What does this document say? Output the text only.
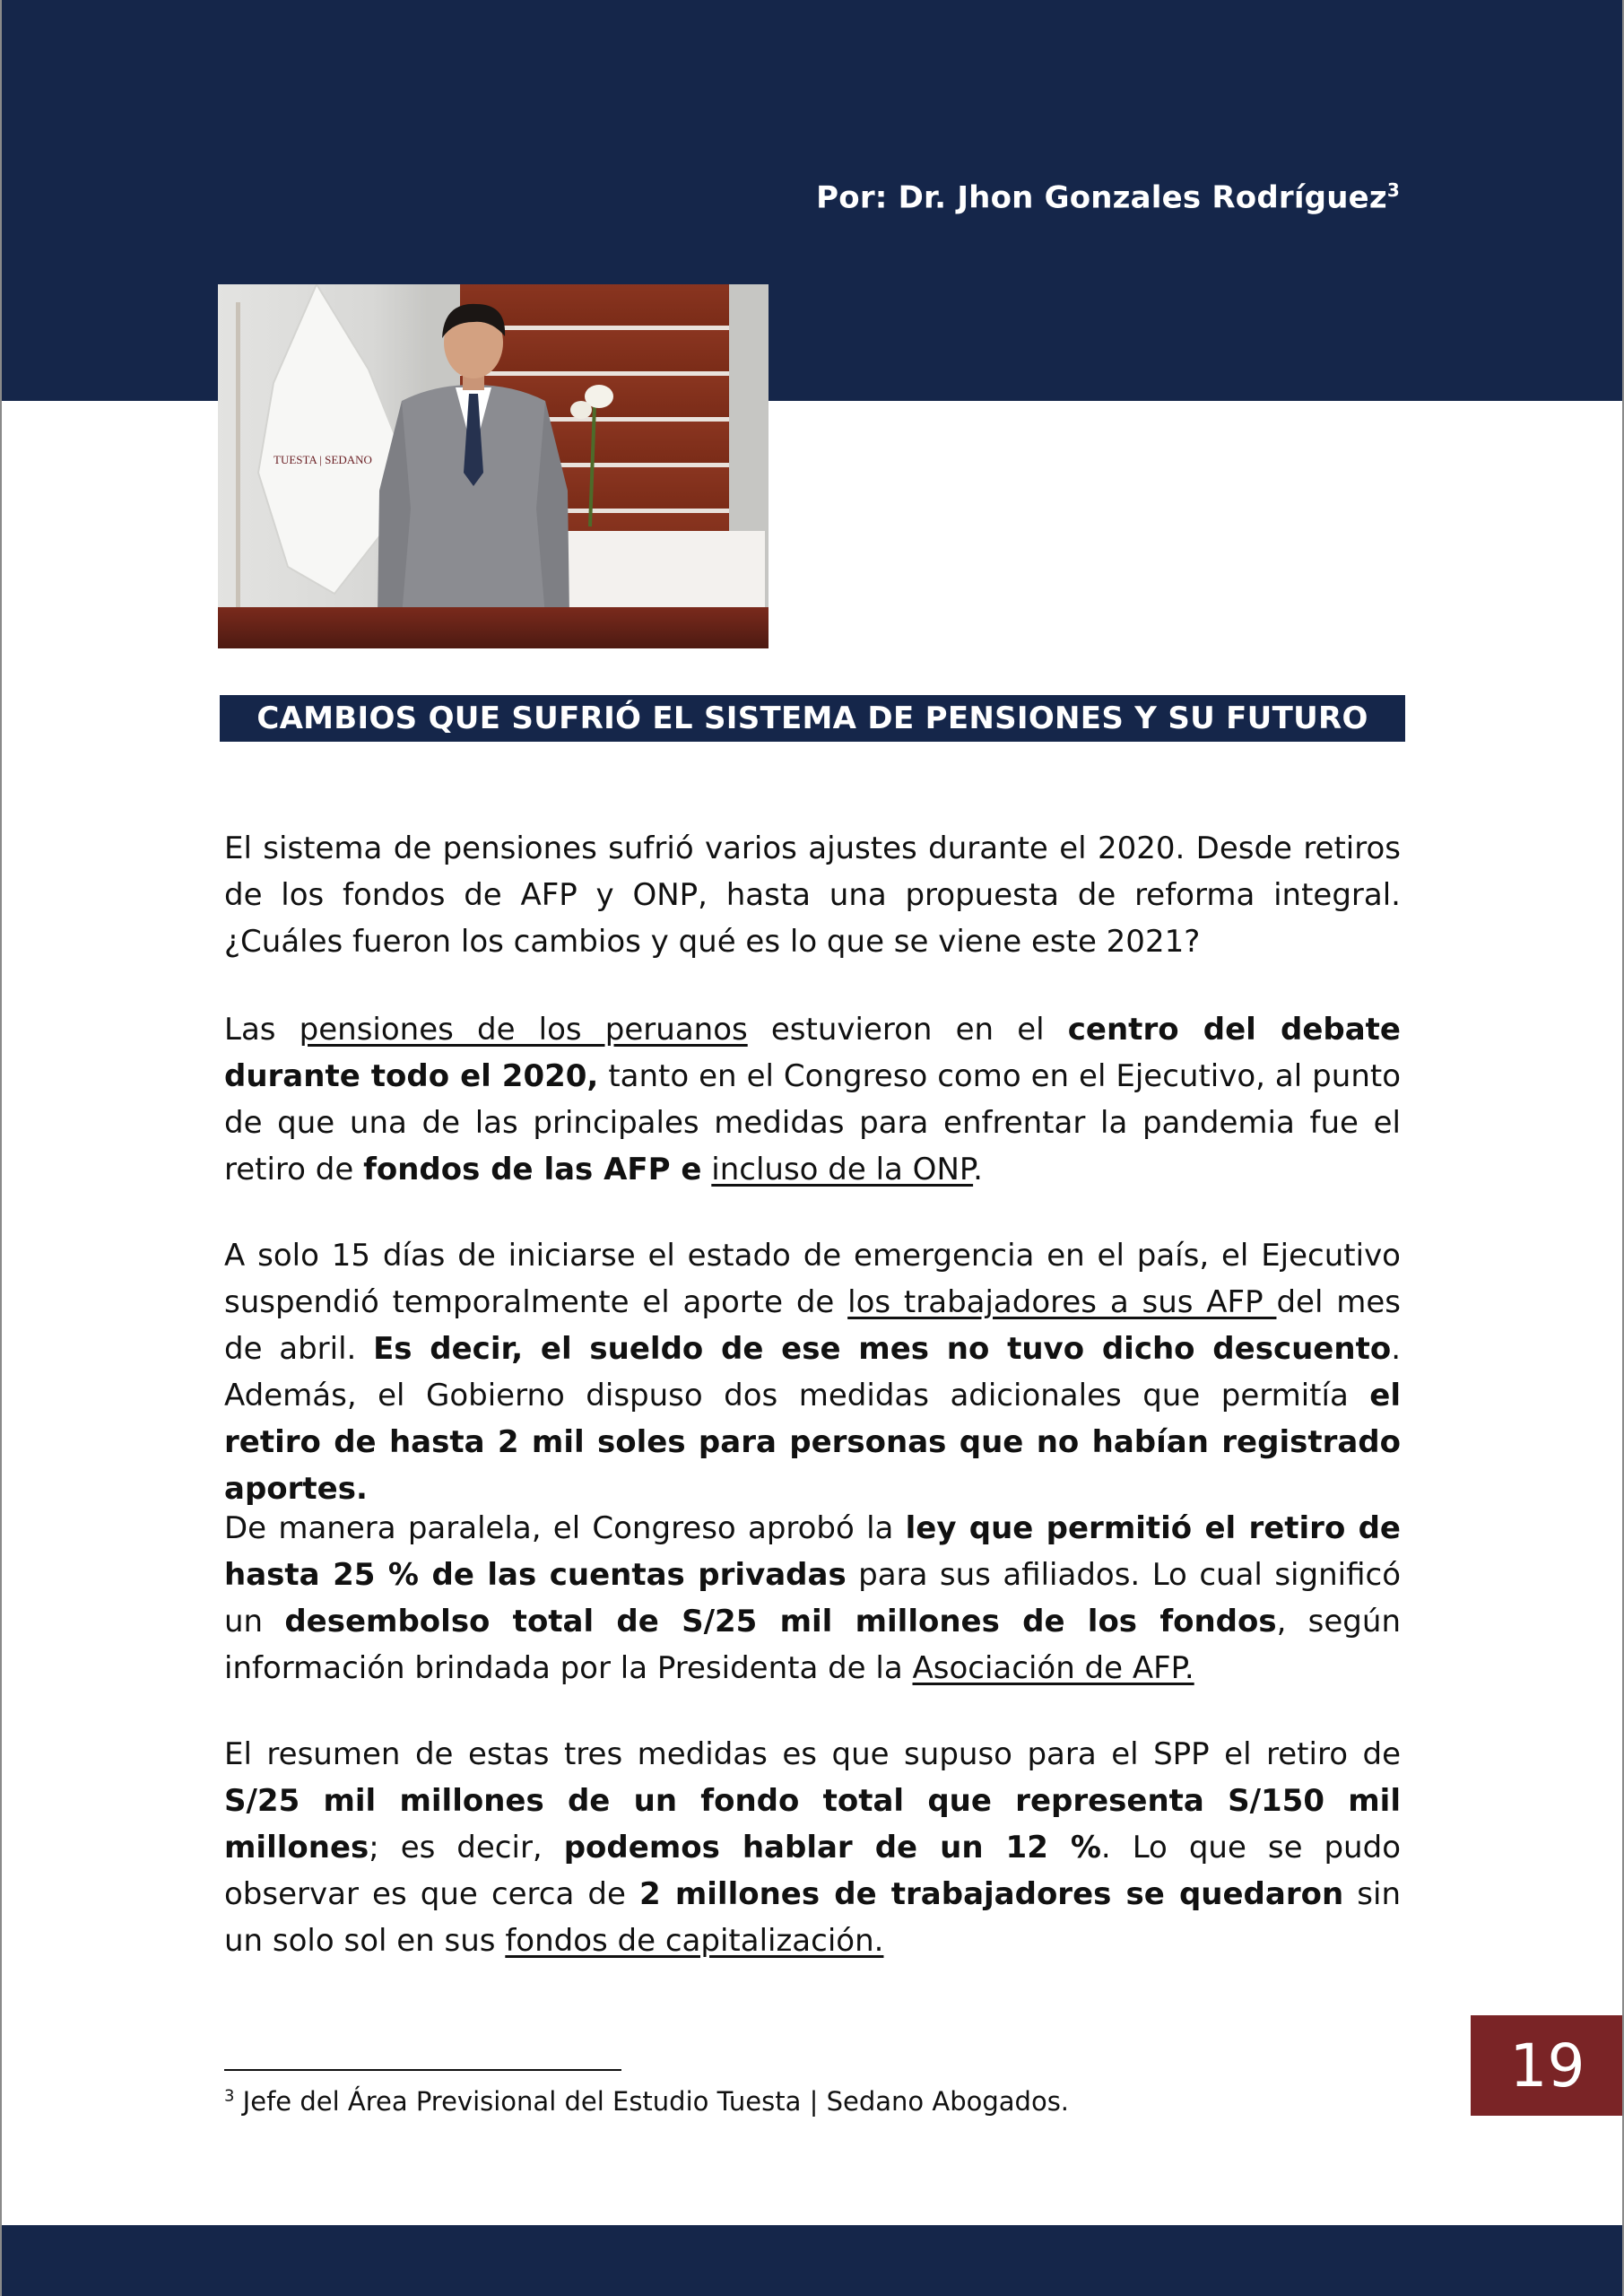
Por: Dr. Jhon Gonzales Rodríguez$^3$
TUESTA | SEDANO
CAMBIOS QUE SUFRIÓ EL SISTEMA DE PENSIONES Y SU FUTURO

El sistema de pensiones sufrió varios ajustes durante el 2020. Desde retiros de los fondos de AFP y ONP, hasta una propuesta de reforma integral. ¿Cuáles fueron los cambios y qué es lo que se viene este 2021?

Las pensiones de los peruanos estuvieron en el centro del debate durante todo el 2020, tanto en el Congreso como en el Ejecutivo, al punto de que una de las principales medidas para enfrentar la pandemia fue el retiro de fondos de las AFP e incluso de la ONP.

A solo 15 días de iniciarse el estado de emergencia en el país, el Ejecutivo suspendió temporalmente el aporte de los trabajadores a sus AFP del mes de abril. Es decir, el sueldo de ese mes no tuvo dicho descuento. Además, el Gobierno dispuso dos medidas adicionales que permitía el retiro de hasta 2 mil soles para personas que no habían registrado aportes.

De manera paralela, el Congreso aprobó la ley que permitió el retiro de hasta 25 % de las cuentas privadas para sus afiliados. Lo cual significó un desembolso total de S/25 mil millones de los fondos, según información brindada por la Presidenta de la Asociación de AFP.

El resumen de estas tres medidas es que supuso para el SPP el retiro de S/25 mil millones de un fondo total que representa S/150 mil millones; es decir, podemos hablar de un 12 %. Lo que se pudo observar es que cerca de 2 millones de trabajadores se quedaron sin un solo sol en sus fondos de capitalización.

19
$^3$ Jefe del Área Previsional del Estudio Tuesta | Sedano Abogados.
